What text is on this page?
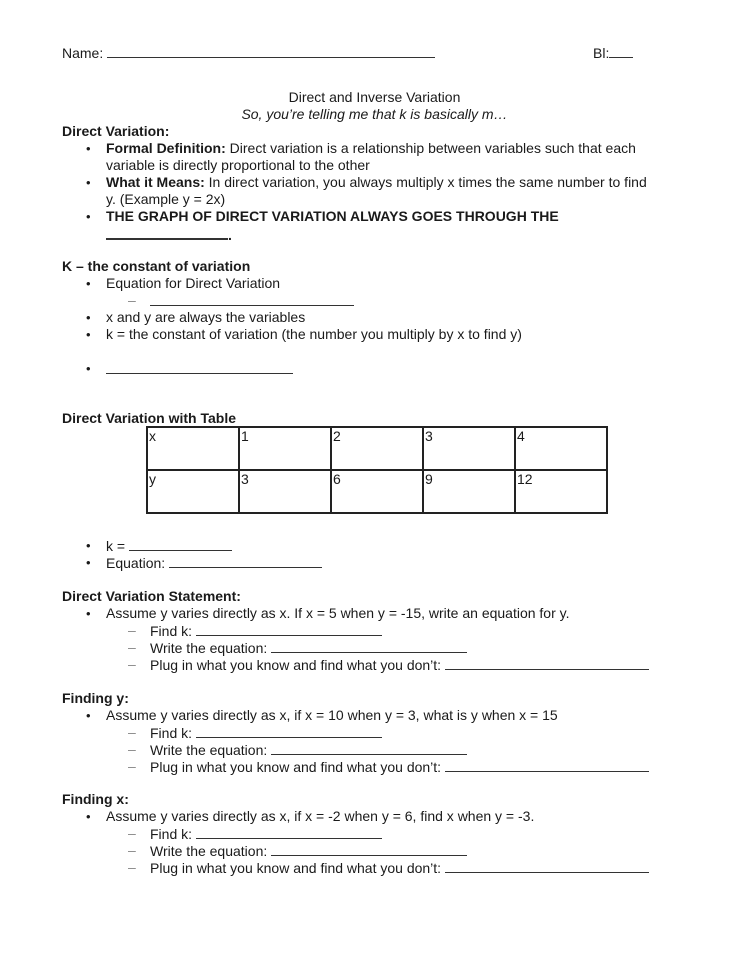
Name:	Bl:
Direct and Inverse Variation
So, you’re telling me that k is basically m…
Direct Variation:
• Formal Definition: Direct variation is a relationship between variables such that each
variable is directly proportional to the other
• What it Means: In direct variation, you always multiply x times the same number to find
y. (Example y = 2x)
• THE GRAPH OF DIRECT VARIATION ALWAYS GOES THROUGH THE
.
K – the constant of variation
• Equation for Direct Variation
–
• x and y are always the variables
• k = the constant of variation (the number you multiply by x to find y)
•
Direct Variation with Table
x	1	2	3	4
y	3	6	9	12
• k =
• Equation:
Direct Variation Statement:
• Assume y varies directly as x. If x = 5 when y = -15, write an equation for y.
– Find k:
– Write the equation:
– Plug in what you know and find what you don’t:
Finding y:
• Assume y varies directly as x, if x = 10 when y = 3, what is y when x = 15
– Find k:
– Write the equation:
– Plug in what you know and find what you don’t:
Finding x:
• Assume y varies directly as x, if x = -2 when y = 6, find x when y = -3.
– Find k:
– Write the equation:
– Plug in what you know and find what you don’t:
